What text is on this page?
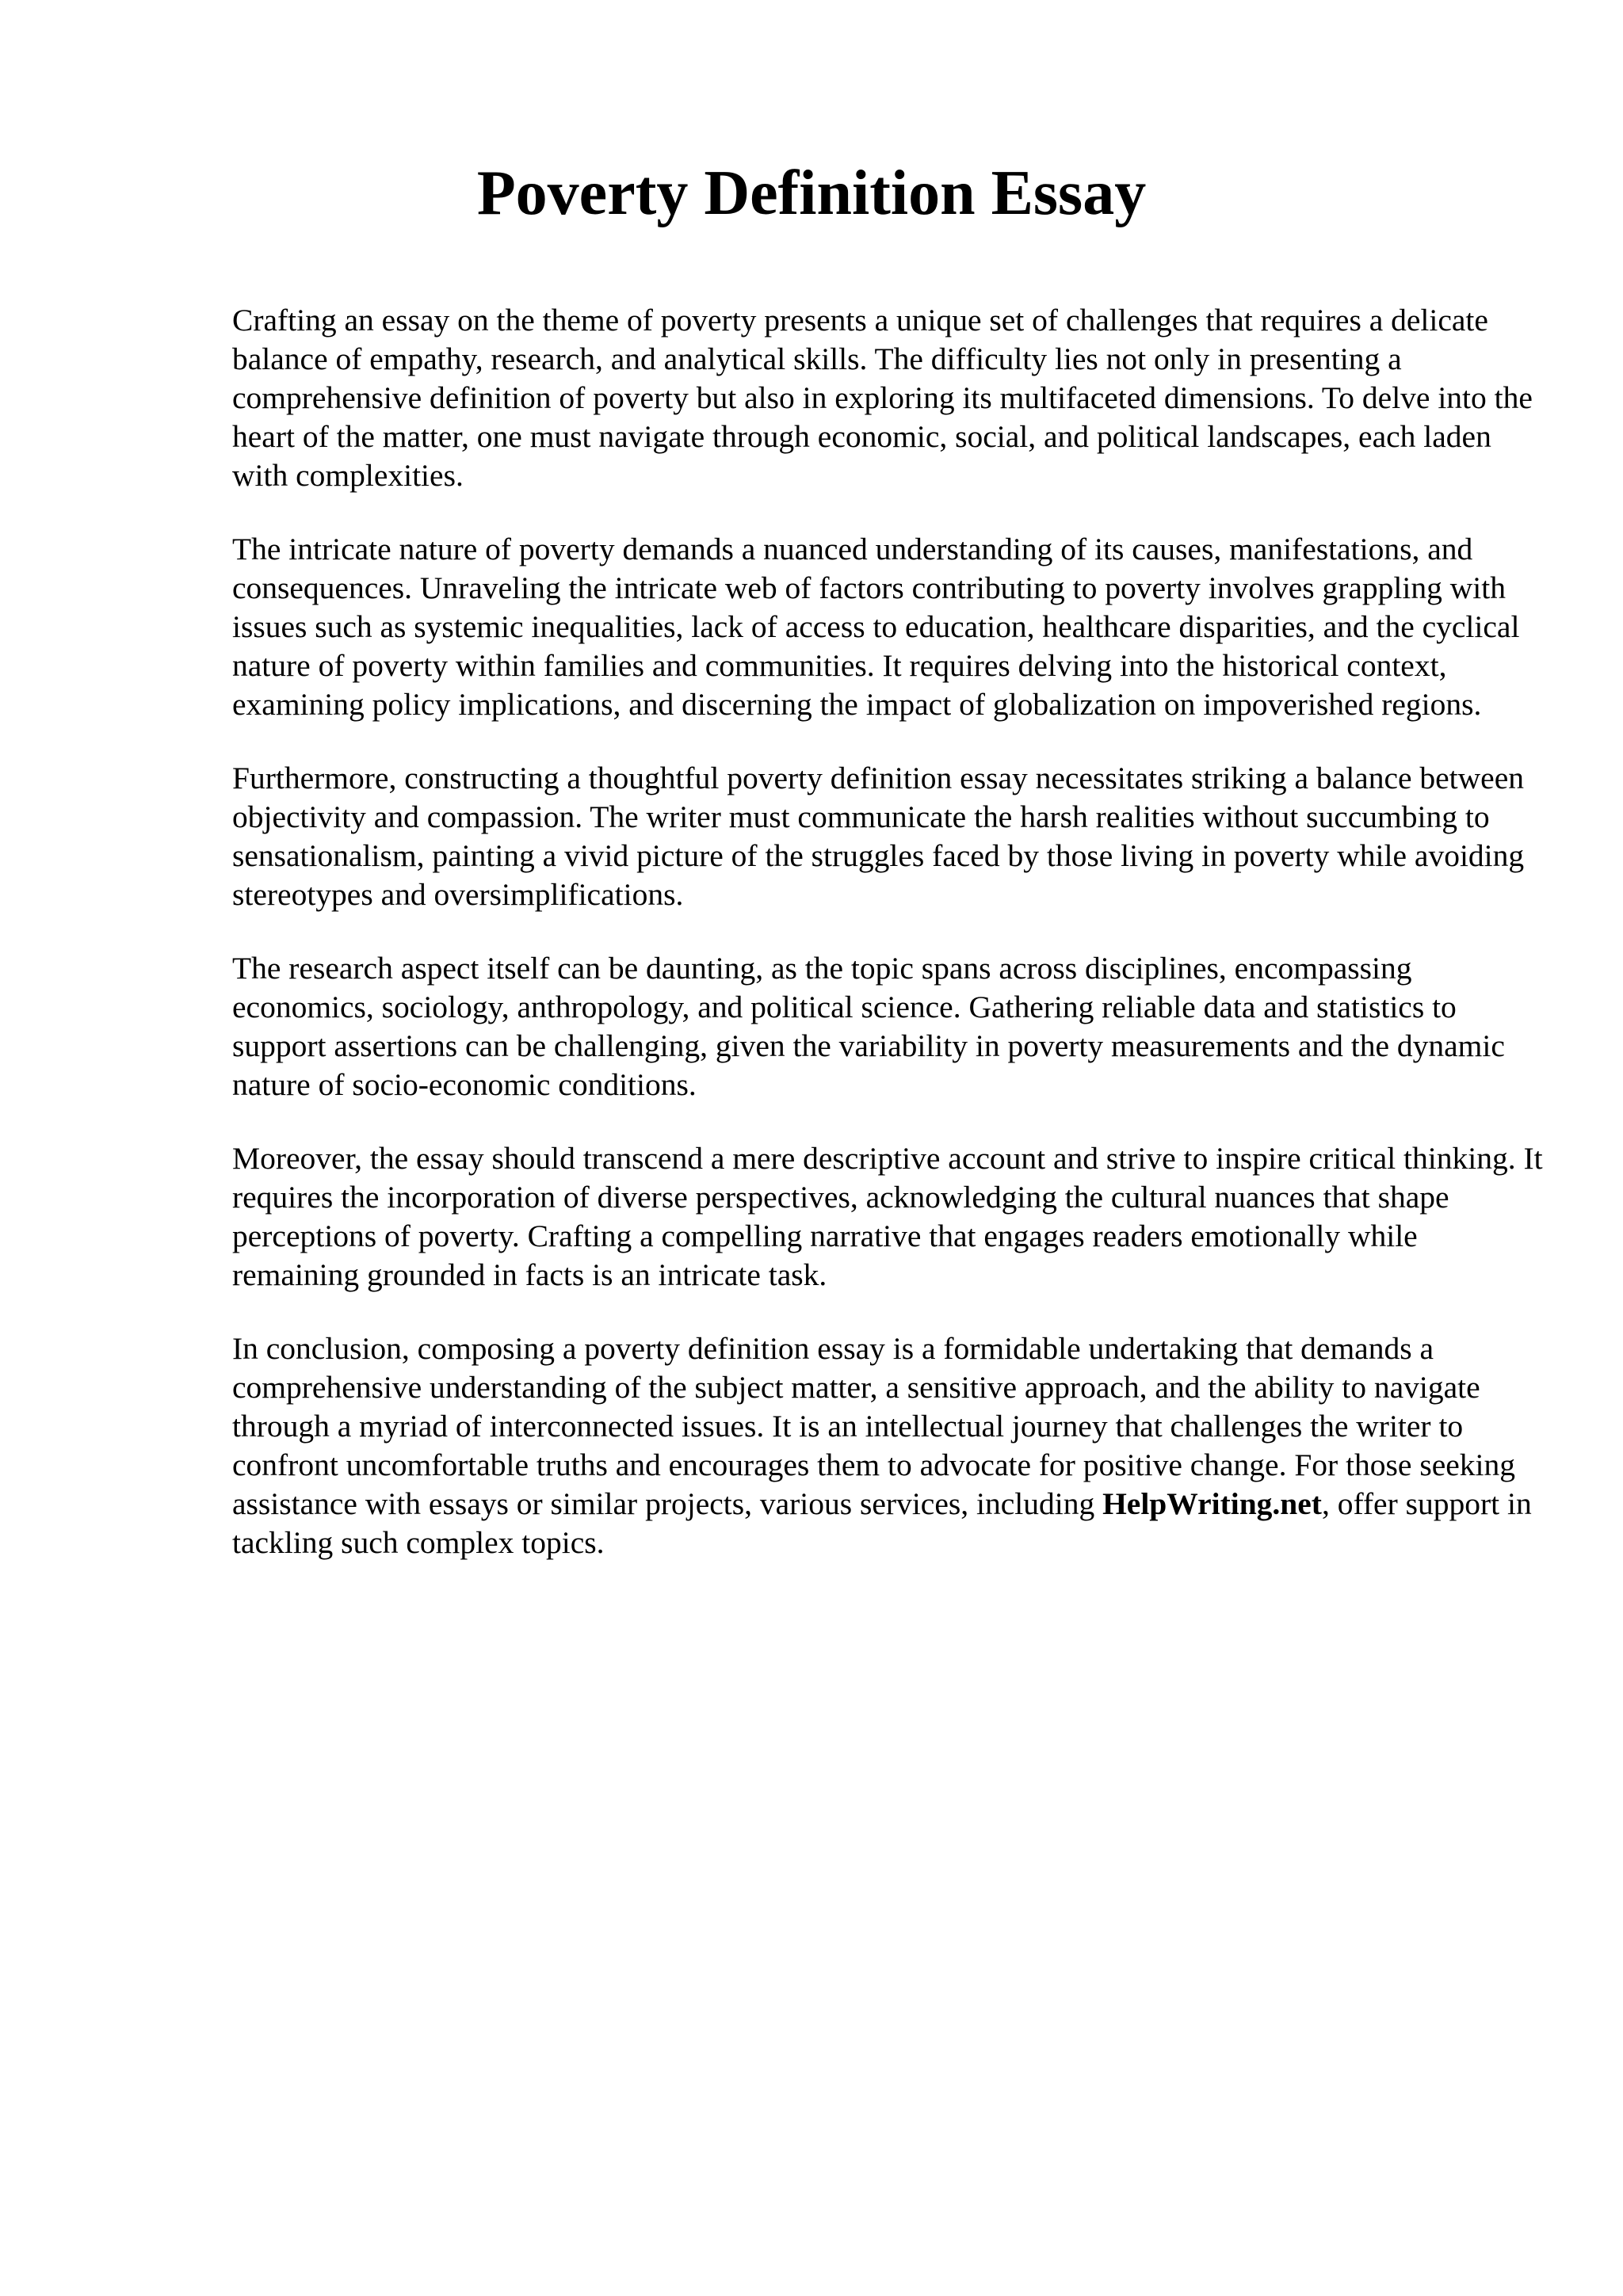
Poverty Definition Essay

Crafting an essay on the theme of poverty presents a unique set of challenges that requires a delicate balance of empathy, research, and analytical skills. The difficulty lies not only in presenting a comprehensive definition of poverty but also in exploring its multifaceted dimensions. To delve into the heart of the matter, one must navigate through economic, social, and political landscapes, each laden with complexities.

The intricate nature of poverty demands a nuanced understanding of its causes, manifestations, and consequences. Unraveling the intricate web of factors contributing to poverty involves grappling with issues such as systemic inequalities, lack of access to education, healthcare disparities, and the cyclical nature of poverty within families and communities. It requires delving into the historical context, examining policy implications, and discerning the impact of globalization on impoverished regions.

Furthermore, constructing a thoughtful poverty definition essay necessitates striking a balance between objectivity and compassion. The writer must communicate the harsh realities without succumbing to sensationalism, painting a vivid picture of the struggles faced by those living in poverty while avoiding stereotypes and oversimplifications.

The research aspect itself can be daunting, as the topic spans across disciplines, encompassing economics, sociology, anthropology, and political science. Gathering reliable data and statistics to support assertions can be challenging, given the variability in poverty measurements and the dynamic nature of socio-economic conditions.

Moreover, the essay should transcend a mere descriptive account and strive to inspire critical thinking. It requires the incorporation of diverse perspectives, acknowledging the cultural nuances that shape perceptions of poverty. Crafting a compelling narrative that engages readers emotionally while remaining grounded in facts is an intricate task.

In conclusion, composing a poverty definition essay is a formidable undertaking that demands a comprehensive understanding of the subject matter, a sensitive approach, and the ability to navigate through a myriad of interconnected issues. It is an intellectual journey that challenges the writer to confront uncomfortable truths and encourages them to advocate for positive change. For those seeking assistance with essays or similar projects, various services, including HelpWriting.net, offer support in tackling such complex topics.
